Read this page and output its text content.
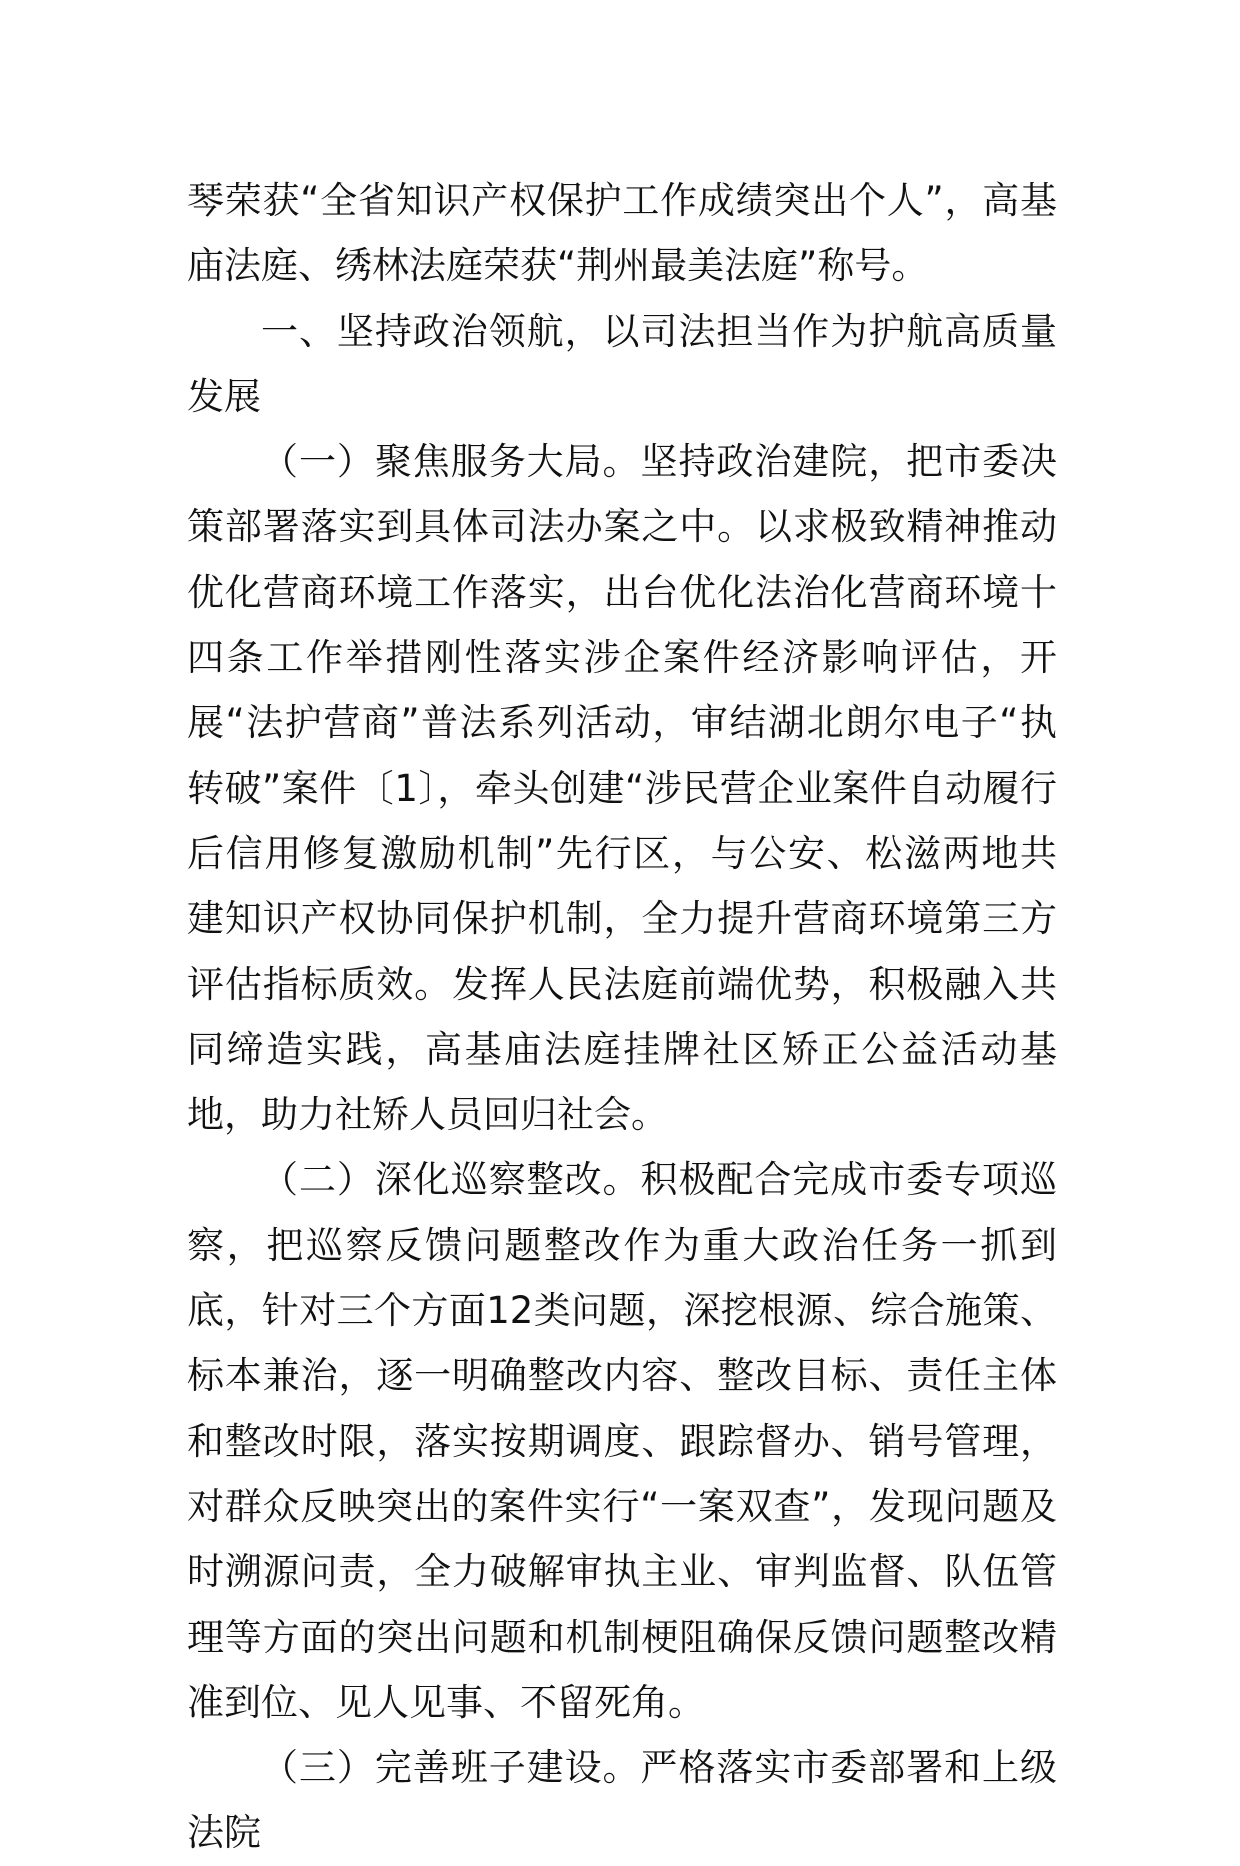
琴荣获“全省知识产权保护工作成绩突出个人”，高基庙法庭、绣林法庭荣获“荆州最美法庭”称号。

一、坚持政治领航，以司法担当作为护航高质量发展

（一）聚焦服务大局。坚持政治建院，把市委决策部署落实到具体司法办案之中。以求极致精神推动优化营商环境工作落实，出台优化法治化营商环境十四条工作举措刚性落实涉企案件经济影响评估，开展“法护营商”普法系列活动，审结湖北朗尔电子“执转破”案件〔1〕，牵头创建“涉民营企业案件自动履行后信用修复激励机制”先行区，与公安、松滋两地共建知识产权协同保护机制，全力提升营商环境第三方评估指标质效。发挥人民法庭前端优势，积极融入共同缔造实践，高基庙法庭挂牌社区矫正公益活动基地，助力社矫人员回归社会。

（二）深化巡察整改。积极配合完成市委专项巡察，把巡察反馈问题整改作为重大政治任务一抓到底，针对三个方面12类问题，深挖根源、综合施策、标本兼治，逐一明确整改内容、整改目标、责任主体和整改时限，落实按期调度、跟踪督办、销号管理，对群众反映突出的案件实行“一案双查”，发现问题及时溯源问责，全力破解审执主业、审判监督、队伍管理等方面的突出问题和机制梗阻确保反馈问题整改精准到位、见人见事、不留死角。

（三）完善班子建设。严格落实市委部署和上级法院
